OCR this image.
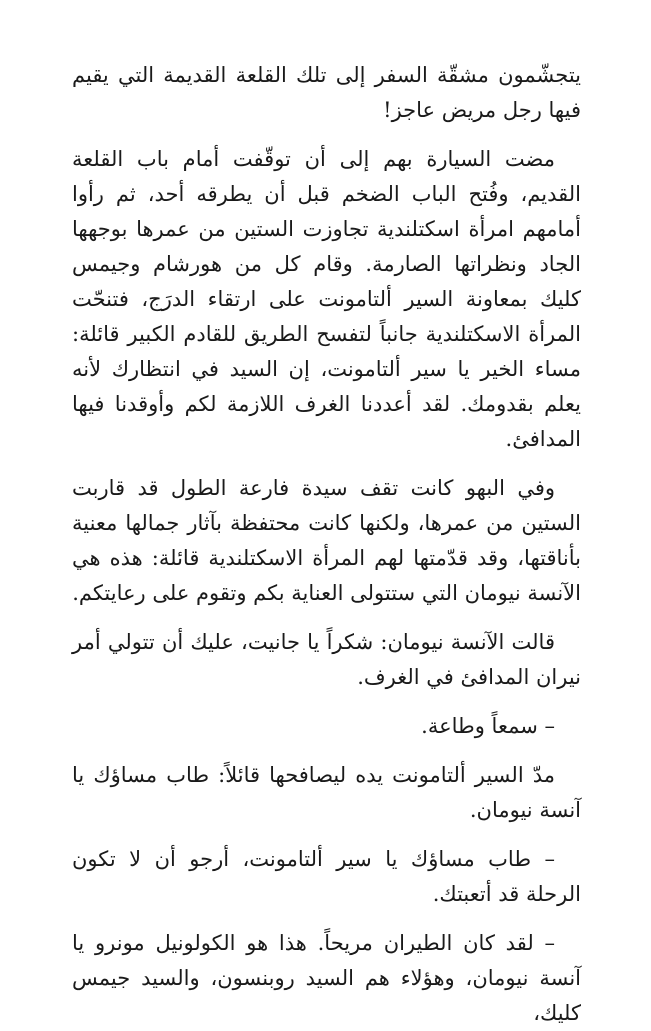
يتجشّمون مشقّة السفر إلى تلك القلعة القديمة التي يقيم فيها رجل مريض عاجز!

مضت السيارة بهم إلى أن توقّفت أمام باب القلعة القديم، وفُتح الباب الضخم قبل أن يطرقه أحد، ثم رأوا أمامهم امرأة اسكتلندية تجاوزت الستين من عمرها بوجهها الجاد ونظراتها الصارمة. وقام كل من هورشام وجيمس كليك بمعاونة السير ألتامونت على ارتقاء الدرَج، فتنحّت المرأة الاسكتلندية جانباً لتفسح الطريق للقادم الكبير قائلة: مساء الخير يا سير ألتامونت، إن السيد في انتظارك لأنه يعلم بقدومك. لقد أعددنا الغرف اللازمة لكم وأوقدنا فيها المدافئ.

وفي البهو كانت تقف سيدة فارعة الطول قد قاربت الستين من عمرها، ولكنها كانت محتفظة بآثار جمالها معنية بأناقتها، وقد قدّمتها لهم المرأة الاسكتلندية قائلة: هذه هي الآنسة نيومان التي ستتولى العناية بكم وتقوم على رعايتكم.

قالت الآنسة نيومان: شكراً يا جانيت، عليك أن تتولي أمر نيران المدافئ في الغرف.

– سمعاً وطاعة.

مدّ السير ألتامونت يده ليصافحها قائلاً: طاب مساؤك يا آنسة نيومان.

– طاب مساؤك يا سير ألتامونت، أرجو أن لا تكون الرحلة قد أتعبتك.

– لقد كان الطيران مريحاً. هذا هو الكولونيل مونرو يا آنسة نيومان، وهؤلاء هم السيد روبنسون، والسيد جيمس كليك،
